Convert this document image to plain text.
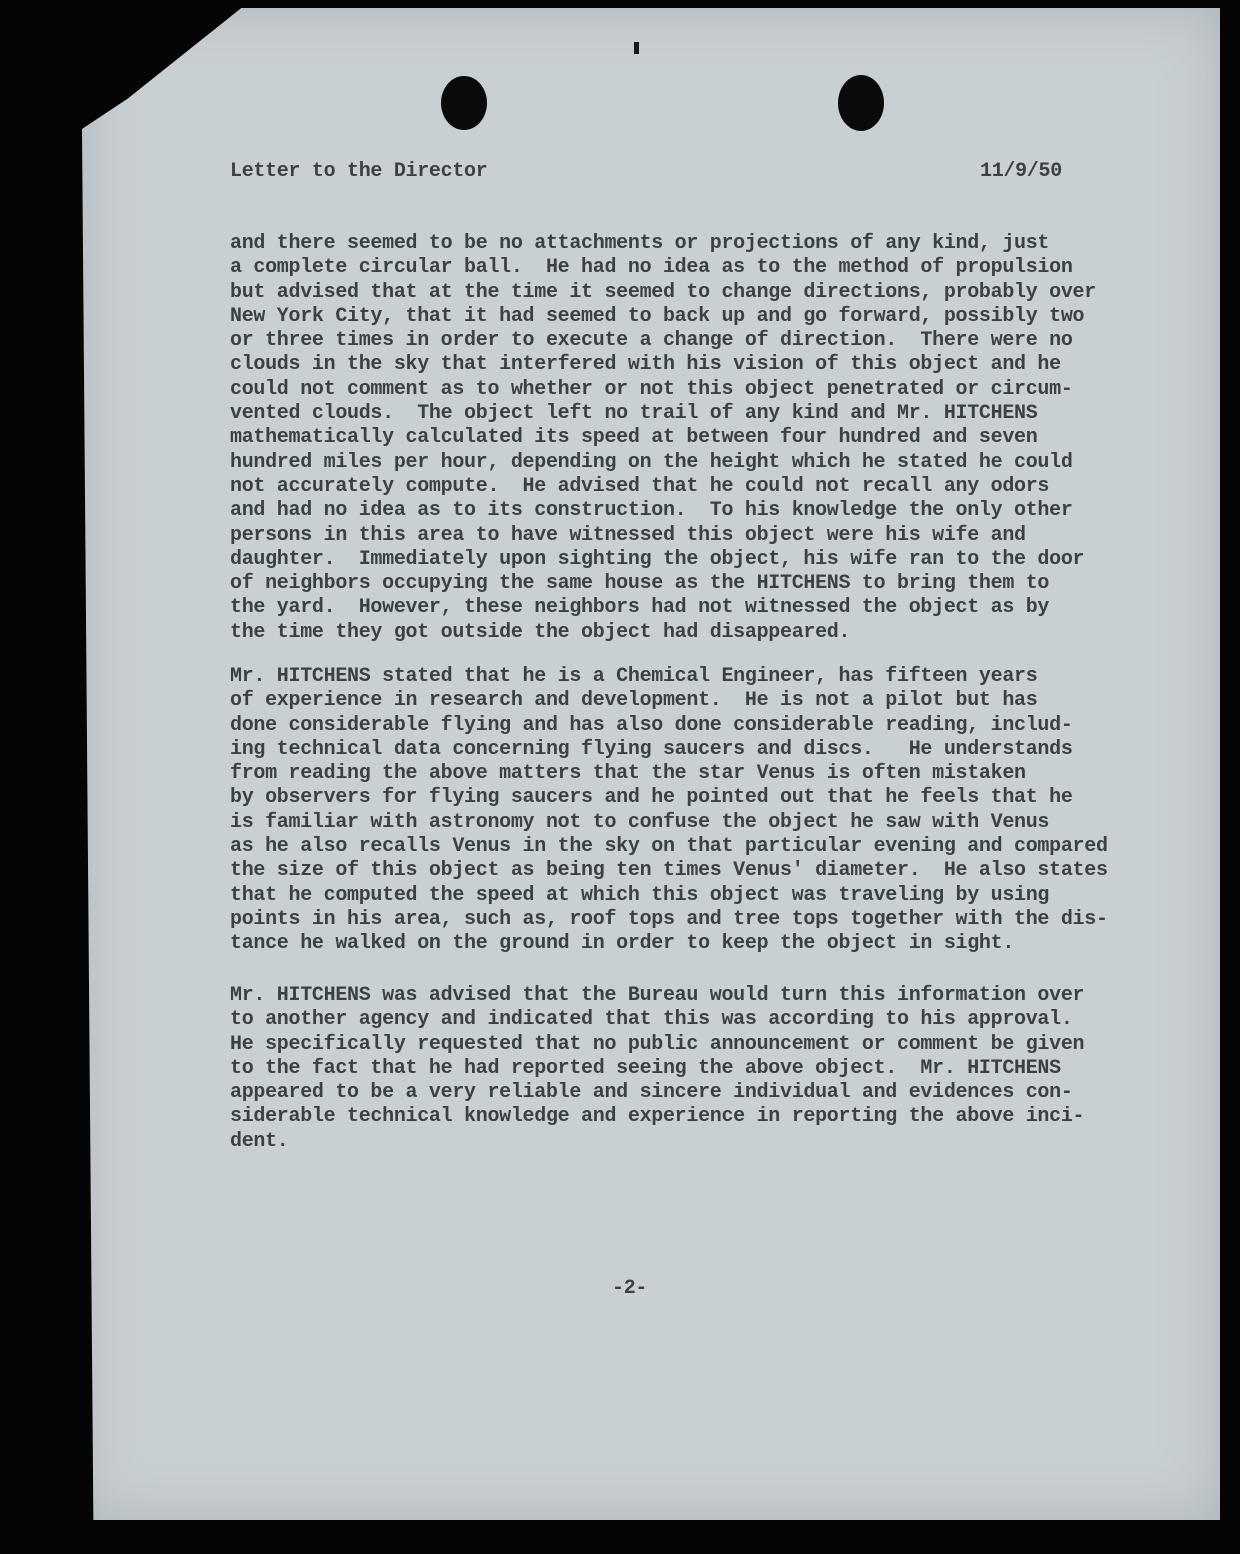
Letter to the Director	11/9/50
and there seemed to be no attachments or projections of any kind, just
a complete circular ball.  He had no idea as to the method of propulsion
but advised that at the time it seemed to change directions, probably over
New York City, that it had seemed to back up and go forward, possibly two
or three times in order to execute a change of direction.  There were no
clouds in the sky that interfered with his vision of this object and he
could not comment as to whether or not this object penetrated or circum-
vented clouds.  The object left no trail of any kind and Mr. HITCHENS
mathematically calculated its speed at between four hundred and seven
hundred miles per hour, depending on the height which he stated he could
not accurately compute.  He advised that he could not recall any odors
and had no idea as to its construction.  To his knowledge the only other
persons in this area to have witnessed this object were his wife and
daughter.  Immediately upon sighting the object, his wife ran to the door
of neighbors occupying the same house as the HITCHENS to bring them to
the yard.  However, these neighbors had not witnessed the object as by
the time they got outside the object had disappeared.
Mr. HITCHENS stated that he is a Chemical Engineer, has fifteen years
of experience in research and development.  He is not a pilot but has
done considerable flying and has also done considerable reading, includ-
ing technical data concerning flying saucers and discs.   He understands
from reading the above matters that the star Venus is often mistaken
by observers for flying saucers and he pointed out that he feels that he
is familiar with astronomy not to confuse the object he saw with Venus
as he also recalls Venus in the sky on that particular evening and compared
the size of this object as being ten times Venus' diameter.  He also states
that he computed the speed at which this object was traveling by using
points in his area, such as, roof tops and tree tops together with the dis-
tance he walked on the ground in order to keep the object in sight.
Mr. HITCHENS was advised that the Bureau would turn this information over
to another agency and indicated that this was according to his approval.
He specifically requested that no public announcement or comment be given
to the fact that he had reported seeing the above object.  Mr. HITCHENS
appeared to be a very reliable and sincere individual and evidences con-
siderable technical knowledge and experience in reporting the above inci-
dent.
-2-
